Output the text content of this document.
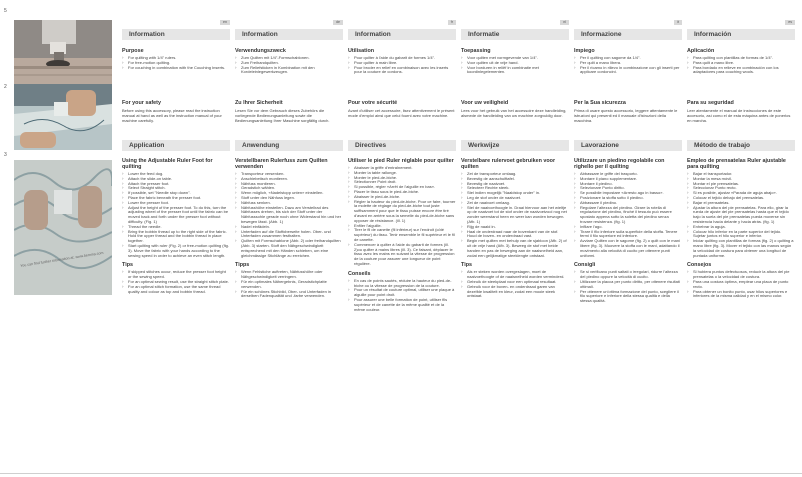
5
2
3
You can find further information at: www.bernina.com
en
Information
Purpose
› For quilting with 1/4" rulers.
› For free-motion quilting.
› For couching in combination with the Couching Inserts.
For your safety
Before using this accessory, please read the instruction manual at hand as well as the instruction manual of your machine carefully.
Application
Using the Adjustable Ruler Foot for quilting
› Lower the feed dog.
› Attach the slide-on table.
› Attach the presser foot.
› Select Straight stitch.
› If possible, set "Needle stop down".
› Place the fabric beneath the presser foot.
› Lower the presser foot.
› Adjust the height of the presser foot. To do this, turn the adjusting wheel of the presser foot until the fabric can be moved back and forth under the presser foot without difficulty. (Fig. 1)
› Thread the needle.
› Bring the bobbin thread up to the right side of the fabric. Hold the upper thread and the bobbin thread in place together.
› Start quilting with ruler (Fig. 2) or free-motion quilting (fig. 3). Move the fabric with your hands according to the sewing speed in order to achieve an even stitch length.
Tips
› If skipped stitches occur, reduce the presser foot height or the sewing speed.
› For an optimal sewing result, use the straight stitch plate.
› For an optimal stitch formation, use the same thread quality and colour as top and bobbin thread.
de
Information
Verwendungszweck
› Zum Quilten mit 1/4"-Formschablonen.
› Zum Freihandquilten.
› Zum Reliefsticken in Kombination mit den Kordeleinlegewerkzeugen.
Zu Ihrer Sicherheit
Lesen Sie vor dem Gebrauch dieses Zubehörs die vorliegende Bedienungsanleitung sowie die Bedienungsanleitung Ihrer Maschine sorgfältig durch.
Anwendung
Verstellbaren Rulerfuss zum Quilten verwenden
› Transporteur versenken.
› Anschiebetisch montieren.
› Nähfuss montieren.
› Geradstich wählen.
› Wenn möglich, «Nadelstopp unten» einstellen.
› Stoff unter den Nähfuss legen.
› Nähfuss senken.
› Nähfusshöhe einstellen. Dazu am Verstellrad des Nähfusses drehen, bis sich der Stoff unter der Nähfusssohle gerade noch ohne Widerstand hin und her bewegen lässt. (Abb. 1)
› Nadel einfädeln.
› Unterfaden auf die Stoffoberseite holen. Ober- und Unterfaden zusammen festhalten.
› Quilten mit Formschablone (Abb. 2) oder freihandquilten (Abb. 3) starten. Stoff den Nähgeschwindigkeit entsprechend mit den Händen schieben, um eine gleichmässige Stichlänge zu erreichen.
Tipps
› Wenn Fehlstiche auftreten, Nähfusshöhe oder Nähgeschwindigkeit verringern.
› Für ein optimales Nähergebnis, Geradstichplatte verwenden.
› Für ein schönes Stichbild, Ober- und Unterfaden in derselben Fadenqualität und -farbe verwenden.
fr
Information
Utilisation
› Pour quilter à l'aide du gabarit de formes 1/4".
› Pour quilter à main libre.
› Pour broder en relief en combinaison avec les inserts pour la couture de cordons.
Pour votre sécurité
Avant d'utiliser cet accessoire, lisez attentivement le présent mode d'emploi ainsi que celui fourni avec votre machine.
Directives
Utiliser le pied Ruler réglable pour quilter
› Abaisser la griffe d'entraînement.
› Monter la table rallonge.
› Monter le pied-de-biche.
› Sélectionner Point droit.
› Si possible, régler «Arrêt de l'aiguille en bas».
› Placer le tissu sous le pied-de-biche.
› Abaisser le pied-de-biche.
› Régler la hauteur du pied-de-biche. Pour ce faire, tourner la molette de réglage du pied-de-biche tout juste suffisamment pour que le tissu puisse encore être tiré d'avant en arrière sous la semelle du pied-de-biche sans opposer de résistance. (ill. 1)
› Enfiler l'aiguille.
› Tirer le fil de canette (fil inférieur) sur l'endroit (côté supérieur) du tissu. Tenir ensemble le fil supérieur et le fil de canette.
› Commencer à quilter à l'aide du gabarit de formes (ill. 2)ou quilter à mains libres (ill. 3). Ce faisant, déplacer le tissu avec les mains en suivant la vitesse de progression de la couture pour assurer une longueur de point régulière.
Conseils
› En cas de points sautés, réduire la hauteur du pied-de-biche ou la vitesse de progression de la couture.
› Pour un résultat de couture optimal, utiliser une plaque à aiguille pour point droit.
› Pour assurer une belle formation de point, utiliser fils supérieur et de canette de la même qualité et de la même couleur.
nl
Informatie
Toepassing
› Voor quilten met vormgevende van 1/4".
› Voor quilten uit de vrije hand.
› Voor borduren in reliëf in combinatie met koordinlegelementen.
Voor uw veiligheid
Lees voor het gebruik van het accessoire deze handleiding, alsmede de handleiding van uw machine zorgvuldig door.
Werkwijze
Verstelbare rulervoet gebruiken voor quilten
› Zet de transporteur omlaag.
› Bevestig de aanschuiftafel.
› Bevestig de naaivoet.
› Selecteer Rechte steek.
› Stel indien mogelijk "Naaldstop onder" in.
› Leg de stof onder de naaivoet.
› Zet de naaivoet omlaag.
› Stel de naaivoethoogte in. Draai hiervoor aan het wieltje op de naaivoet tot de stof onder de naaivoetzool nog net zonder weerstand heen en weer kan worden bewogen. (Afb. 1)
› Rijg de naald in.
› Haal de onderdraad naar de bovenkant van de stof. Houd de boven- en onderdraad vast.
› Begin met quilten met behulp van de sjabloon (Afb. 2) of uit de vrije hand (Afb. 3). Beweeg de stof met beide handen en pas de beweging aan de naaisnelheid aan, zodat een gelijkmatige steeklengte ontstaat.
Tips
› Als er steken worden overgeslagen, moet de naaivoethoogte of de naaisnelheid worden verminderd.
› Gebruik de steekplaat voor een optimaal resultaat.
› Gebruik voor de boven- en onderdraad garen van dezelfde kwaliteit en kleur, zodat een mooie steek ontstaat.
it
Informazione
Impiego
› Per il quilting con sagome da 1/4".
› Per quilt a mano libera.
› Per il ricamo in rilievo in combinazione con gli inserti per applicare cordoncini.
Per la Sua sicurezza
Prima di usare questo accessorio, leggere attentamente le istruzioni qui presenti ed il manuale d'istruzioni della macchina.
Lavorazione
Utilizzare un piedino regolabile con righello per il quilting
› Abbassare le griffe del trasporto.
› Montare il piano supplementare.
› Montare il piedino.
› Selezionare Punto diritto.
› Se possibile impostare «Arresto ago in basso».
› Posizionare la stoffa sotto il piedino.
› Abbassare il piedino.
› Regolare l'altezza del piedino. Girare la rotella di regolazione del piedino, finché il tessuto può essere spostato appena sotto la soletta del piedino senza trovare resistenza. (fig. 1)
› Infilare l'ago.
› Tirare il filo inferiore sulla superficie della stoffa. Tenere fermi il filo superiore ed inferiore.
› Avviare Quilten con le sagome (fig. 2) o quilt con le mani libere (fig. 3). Muovere la stoffa con le mani, adattando il movimento alla velocità di cucito per ottenere punti uniformi.
Consigli
› Se si verificano punti saltati o irregolari, ridurre l'altezza del piedino oppure la velocità di cucito.
› Utilizzare la placca per punto diritto, per ottenere risultati ottimali.
› Per ottenere un'ottima formazione del punto, scegliere il filo superiore e inferiore della stessa qualità e della stessa qualità.
es
Información
Aplicación
› Para quilting con plantillas de formas de 1/4".
› Para quilt a mano libre.
› Para bordado en relieve en combinación con los adaptadores para couching wools.
Para su seguridad
Leer atentamente el manual de instrucciones de este accesorio, así como el de esta máquina antes de ponerlos en marcha.
Método de trabajo
Empleo de prensatelas Ruler ajustable para quilting
› Bajar el transportador.
› Montar la mesa móvil.
› Montar el pie prensatelas.
› Seleccionar Punto recto.
› Si es posible, ajustar «Parada de aguja abajo».
› Colocar el tejido debajo del prensatelas.
› Bajar el prensatelas.
› Ajustar la altura del pie prensatelas. Para ello, girar la rueda de ajuste del pie prensatelas hasta que el tejido bajo la suela del pie prensatelas pueda moverse sin resistencia hacia delante y hacia atrás. (fig. 1)
› Enhebrar la aguja.
› Colocar hilo inferior en la parte superior del tejido. Sujetar juntos el hilo superior e inferior.
› Iniciar quilting con plantillas de formas (fig. 2) o quilting a mano libre (fig. 3). Mover el tejido con las manos según la velocidad de costura para obtener una longitud de puntada uniforme.
Consejos
› Si hubiera puntos defectuosos, reducir la altura del pie prensatelas o la velocidad de costura.
› Para una costura óptima, emplear una placa de punto recto.
› Para obtener un bonito punto, usar hilos superiores e inferiores de la misma calidad y en el mismo color.
